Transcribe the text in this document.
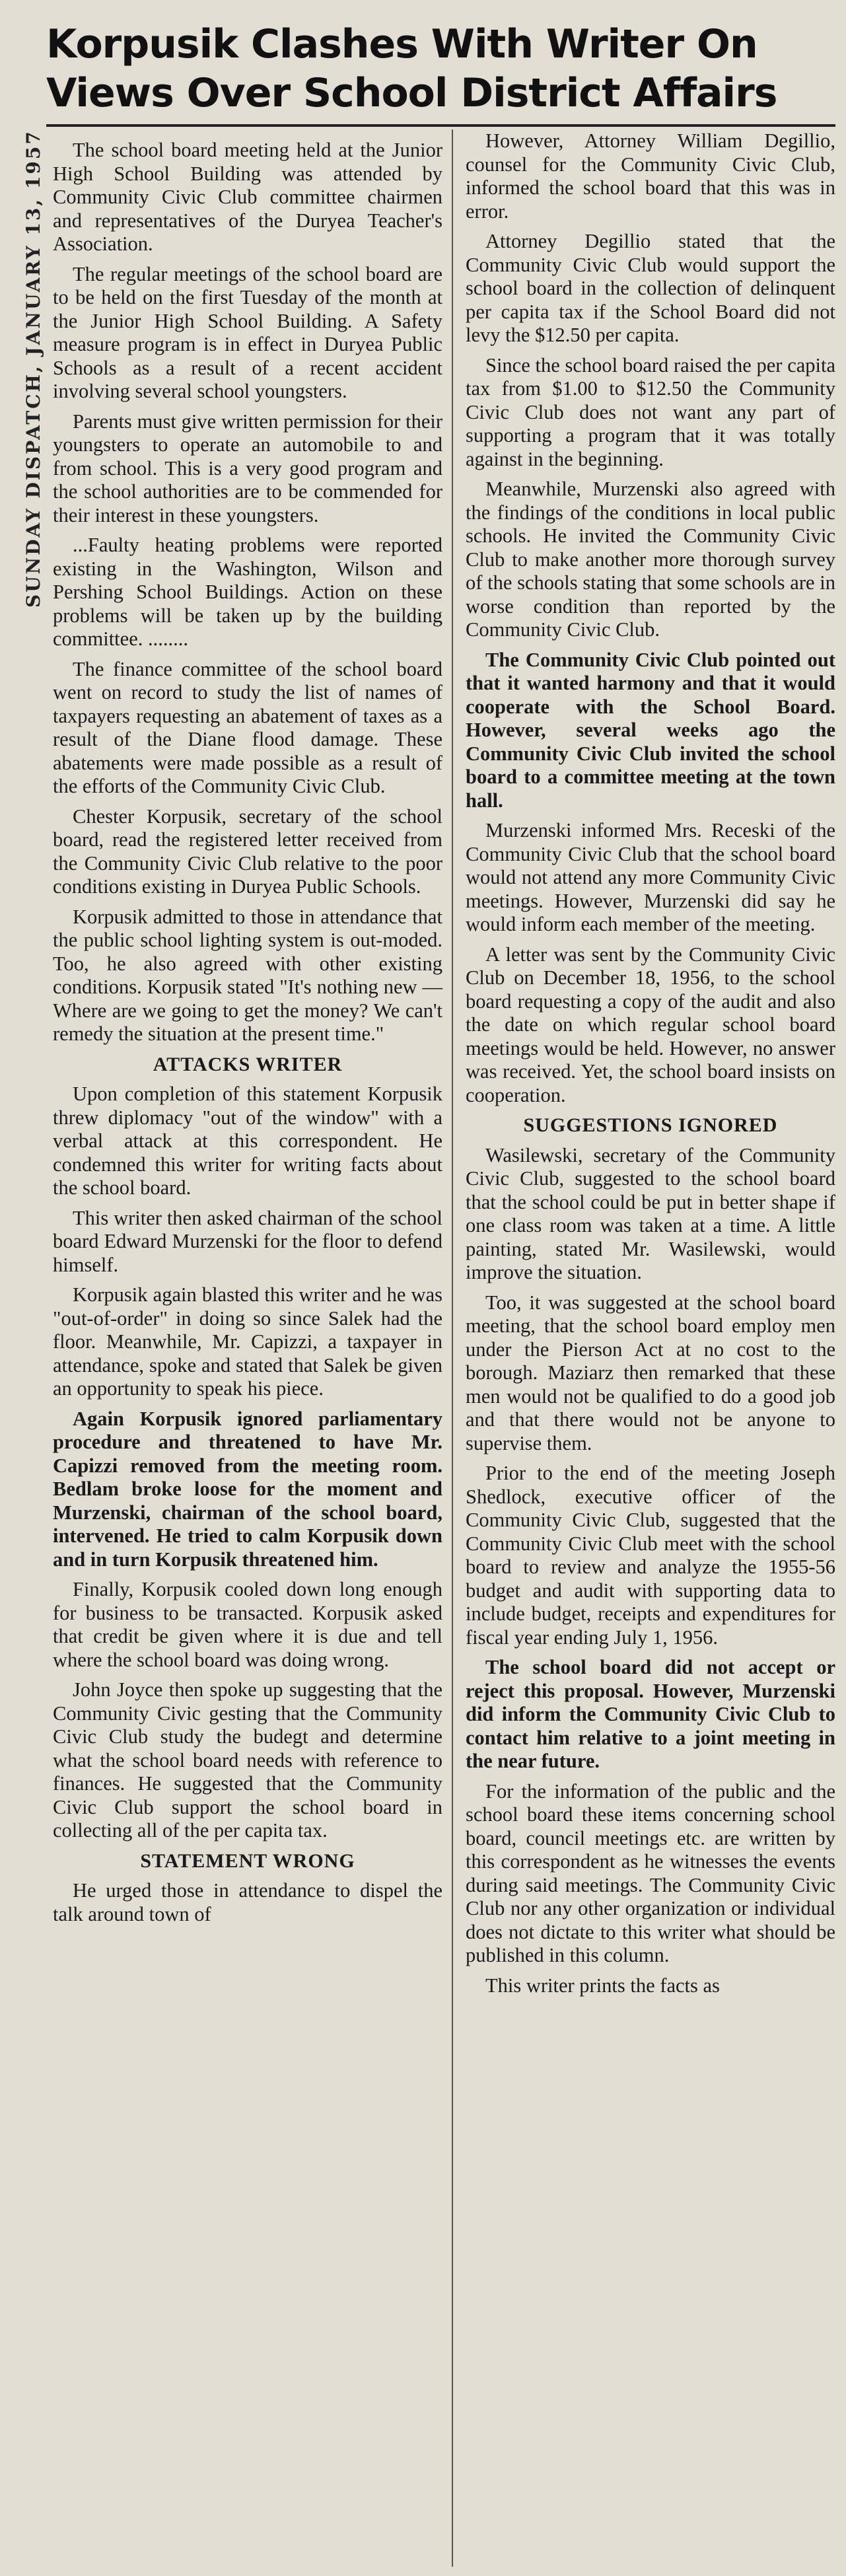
SUNDAY DISPATCH, JANUARY 13, 1957
Korpusik Clashes With Writer On
Views Over School District Affairs

The school board meeting held at the Junior High School Building was attended by Community Civic Club committee chairmen and representatives of the Duryea Teacher's Association.

The regular meetings of the school board are to be held on the first Tuesday of the month at the Junior High School Building. A Safety measure program is in effect in Duryea Public Schools as a result of a recent accident involving several school youngsters.

Parents must give written permission for their youngsters to operate an automobile to and from school. This is a very good program and the school authorities are to be commended for their interest in these youngsters.

...Faulty heating problems were reported existing in the Washington, Wilson and Pershing School Buildings. Action on these problems will be taken up by the building committee. ........

The finance committee of the school board went on record to study the list of names of taxpayers requesting an abatement of taxes as a result of the Diane flood damage. These abatements were made possible as a result of the efforts of the Community Civic Club.

Chester Korpusik, secretary of the school board, read the registered letter received from the Community Civic Club relative to the poor conditions existing in Duryea Public Schools.

Korpusik admitted to those in attendance that the public school lighting system is out-moded. Too, he also agreed with other existing conditions. Korpusik stated "It's nothing new — Where are we going to get the money? We can't remedy the situation at the present time."

ATTACKS WRITER

Upon completion of this statement Korpusik threw diplomacy "out of the window" with a verbal attack at this correspondent. He condemned this writer for writing facts about the school board.

This writer then asked chairman of the school board Edward Murzenski for the floor to defend himself.

Korpusik again blasted this writer and he was "out-of-order" in doing so since Salek had the floor. Meanwhile, Mr. Capizzi, a taxpayer in attendance, spoke and stated that Salek be given an opportunity to speak his piece.

Again Korpusik ignored parliamentary procedure and threatened to have Mr. Capizzi removed from the meeting room. Bedlam broke loose for the moment and Murzenski, chairman of the school board, intervened. He tried to calm Korpusik down and in turn Korpusik threatened him.

Finally, Korpusik cooled down long enough for business to be transacted. Korpusik asked that credit be given where it is due and tell where the school board was doing wrong.

John Joyce then spoke up suggesting that the Community Civic gesting that the Community Civic Club study the budegt and determine what the school board needs with reference to finances. He suggested that the Community Civic Club support the school board in collecting all of the per capita tax.

STATEMENT WRONG

He urged those in attendance to dispel the talk around town of

However, Attorney William Degillio, counsel for the Community Civic Club, informed the school board that this was in error.

Attorney Degillio stated that the Community Civic Club would support the school board in the collection of delinquent per capita tax if the School Board did not levy the $12.50 per capita.

Since the school board raised the per capita tax from $1.00 to $12.50 the Community Civic Club does not want any part of supporting a program that it was totally against in the beginning.

Meanwhile, Murzenski also agreed with the findings of the conditions in local public schools. He invited the Community Civic Club to make another more thorough survey of the schools stating that some schools are in worse condition than reported by the Community Civic Club.

The Community Civic Club pointed out that it wanted harmony and that it would cooperate with the School Board. However, several weeks ago the Community Civic Club invited the school board to a committee meeting at the town hall.

Murzenski informed Mrs. Receski of the Community Civic Club that the school board would not attend any more Community Civic meetings. However, Murzenski did say he would inform each member of the meeting.

A letter was sent by the Community Civic Club on December 18, 1956, to the school board requesting a copy of the audit and also the date on which regular school board meetings would be held. However, no answer was received. Yet, the school board insists on cooperation.

SUGGESTIONS IGNORED

Wasilewski, secretary of the Community Civic Club, suggested to the school board that the school could be put in better shape if one class room was taken at a time. A little painting, stated Mr. Wasilewski, would improve the situation.

Too, it was suggested at the school board meeting, that the school board employ men under the Pierson Act at no cost to the borough. Maziarz then remarked that these men would not be qualified to do a good job and that there would not be anyone to supervise them.

Prior to the end of the meeting Joseph Shedlock, executive officer of the Community Civic Club, suggested that the Community Civic Club meet with the school board to review and analyze the 1955-56 budget and audit with supporting data to include budget, receipts and expenditures for fiscal year ending July 1, 1956.

The school board did not accept or reject this proposal. However, Murzenski did inform the Community Civic Club to contact him relative to a joint meeting in the near future.

For the information of the public and the school board these items concerning school board, council meetings etc. are written by this correspondent as he witnesses the events during said meetings. The Community Civic Club nor any other organization or individual does not dictate to this writer what should be published in this column.

This writer prints the facts as
